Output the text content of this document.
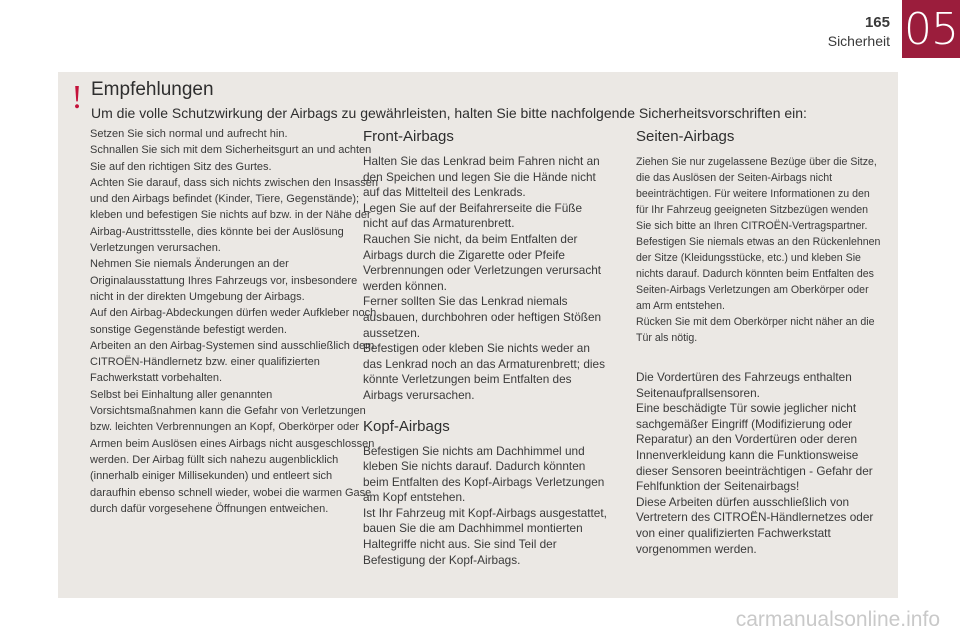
165
Sicherheit 05
! Empfehlungen
Um die volle Schutzwirkung der Airbags zu gewährleisten, halten Sie bitte nachfolgende Sicherheitsvorschriften ein:

Setzen Sie sich normal und aufrecht hin.

Schnallen Sie sich mit dem Sicherheitsgurt an und achten Sie auf den richtigen Sitz des Gurtes.

Achten Sie darauf, dass sich nichts zwischen den Insassen und den Airbags befindet (Kinder, Tiere, Gegenstände); kleben und befestigen Sie nichts auf bzw. in der Nähe der Airbag-Austrittsstelle, dies könnte bei der Auslösung Verletzungen verursachen.

Nehmen Sie niemals Änderungen an der Originalausstattung Ihres Fahrzeugs vor, insbesondere nicht in der direkten Umgebung der Airbags.

Auf den Airbag-Abdeckungen dürfen weder Aufkleber noch sonstige Gegenstände befestigt werden.

Arbeiten an den Airbag-Systemen sind ausschließlich dem CITROËN-Händlernetz bzw. einer qualifizierten Fachwerkstatt vorbehalten.

Selbst bei Einhaltung aller genannten Vorsichtsmaßnahmen kann die Gefahr von Verletzungen bzw. leichten Verbrennungen an Kopf, Oberkörper oder Armen beim Auslösen eines Airbags nicht ausgeschlossen werden. Der Airbag füllt sich nahezu augenblicklich (innerhalb einiger Millisekunden) und entleert sich daraufhin ebenso schnell wieder, wobei die warmen Gase durch dafür vorgesehene Öffnungen entweichen.

Front-Airbags

Halten Sie das Lenkrad beim Fahren nicht an den Speichen und legen Sie die Hände nicht auf das Mittelteil des Lenkrads.

Legen Sie auf der Beifahrerseite die Füße nicht auf das Armaturenbrett.

Rauchen Sie nicht, da beim Entfalten der Airbags durch die Zigarette oder Pfeife Verbrennungen oder Verletzungen verursacht werden können.

Ferner sollten Sie das Lenkrad niemals ausbauen, durchbohren oder heftigen Stößen aussetzen.

Befestigen oder kleben Sie nichts weder an das Lenkrad noch an das Armaturenbrett; dies könnte Verletzungen beim Entfalten des Airbags verursachen.

Kopf-Airbags

Befestigen Sie nichts am Dachhimmel und kleben Sie nichts darauf. Dadurch könnten beim Entfalten des Kopf-Airbags Verletzungen am Kopf entstehen.

Ist Ihr Fahrzeug mit Kopf-Airbags ausgestattet, bauen Sie die am Dachhimmel montierten Haltegriffe nicht aus. Sie sind Teil der Befestigung der Kopf-Airbags.

Seiten-Airbags

Ziehen Sie nur zugelassene Bezüge über die Sitze, die das Auslösen der Seiten-Airbags nicht beeinträchtigen. Für weitere Informationen zu den für Ihr Fahrzeug geeigneten Sitzbezügen wenden Sie sich bitte an Ihren CITROËN-Vertragspartner.

Befestigen Sie niemals etwas an den Rückenlehnen der Sitze (Kleidungsstücke, etc.) und kleben Sie nichts darauf. Dadurch könnten beim Entfalten des Seiten-Airbags Verletzungen am Oberkörper oder am Arm entstehen.

Rücken Sie mit dem Oberkörper nicht näher an die Tür als nötig.

Die Vordertüren des Fahrzeugs enthalten Seitenaufprallsensoren.

Eine beschädigte Tür sowie jeglicher nicht sachgemäßer Eingriff (Modifizierung oder Reparatur) an den Vordertüren oder deren Innenverkleidung kann die Funktionsweise dieser Sensoren beeinträchtigen - Gefahr der Fehlfunktion der Seitenairbags!

Diese Arbeiten dürfen ausschließlich von Vertretern des CITROËN-Händlernetzes oder von einer qualifizierten Fachwerkstatt vorgenommen werden.

carmanualsonline.info
